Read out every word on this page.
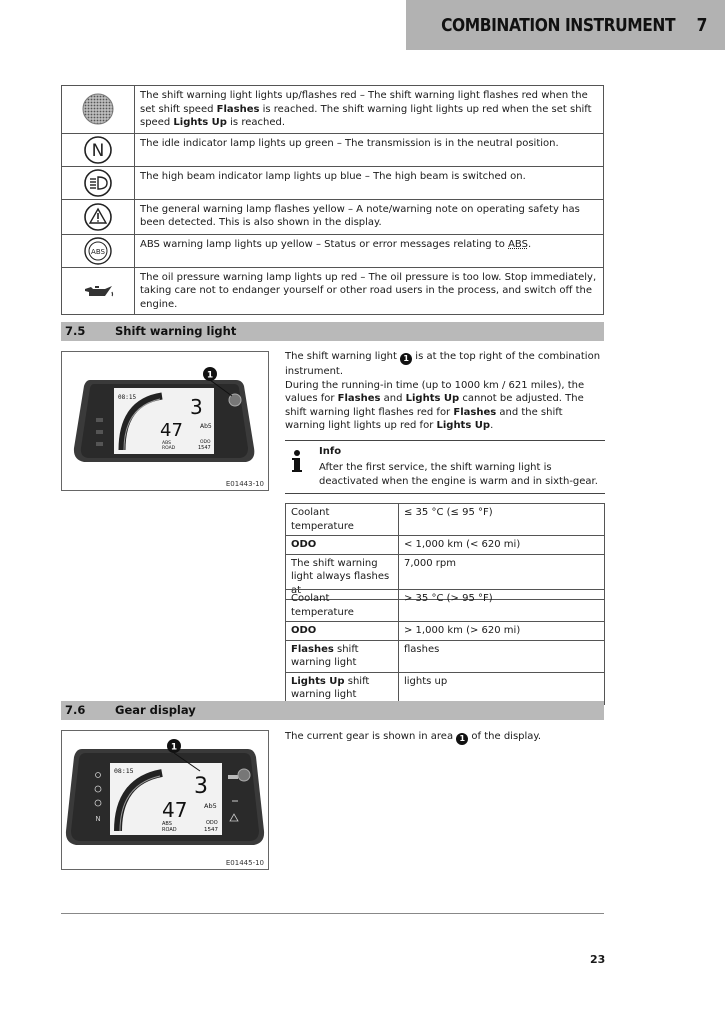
COMBINATION INSTRUMENT 7
	The shift warning light lights up/flashes red – The shift warning light flashes red when the set shift speed Flashes is reached. The shift warning light lights up red when the set shift speed Lights Up is reached.

N	The idle indicator lamp lights up green – The transmission is in the neutral position.

	The high beam indicator lamp lights up blue – The high beam is switched on.

	The general warning lamp flashes yellow – A note/warning note on operating safety has been detected. This is also shown in the display.

ABS	ABS warning lamp lights up yellow – Status or error messages relating to ABS.

	The oil pressure warning lamp lights up red – The oil pressure is too low. Stop immediately, taking care not to endanger yourself or other road users in the process, and switch off the engine.
7.5	Shift warning light
08:15	3
47	Ab5
ABS
ROAD
ODO
1547
1
E01443-10

The shift warning light 1 is at the top right of the combination instrument.

During the running-in time (up to 1000 km / 621 miles), the values for Flashes and Lights Up cannot be adjusted. The shift warning light flashes red for Flashes and the shift warning light lights up red for Lights Up.

Info
After the first service, the shift warning light is deactivated when the engine is warm and in sixth-gear.
Coolant temperature	≤ 35 °C (≤ 95 °F)
ODO	< 1,000 km (< 620 mi)
The shift warning light always flashes at	7,000 rpm
Coolant temperature	> 35 °C (> 95 °F)
ODO	> 1,000 km (> 620 mi)
Flashes shift warning light	flashes
Lights Up shift warning light	lights up
7.6	Gear display
08:15
3
47	Ab5
ABS
ROAD
ODO
1547
N
1
E01445-10

The current gear is shown in area 1 of the display.

23
